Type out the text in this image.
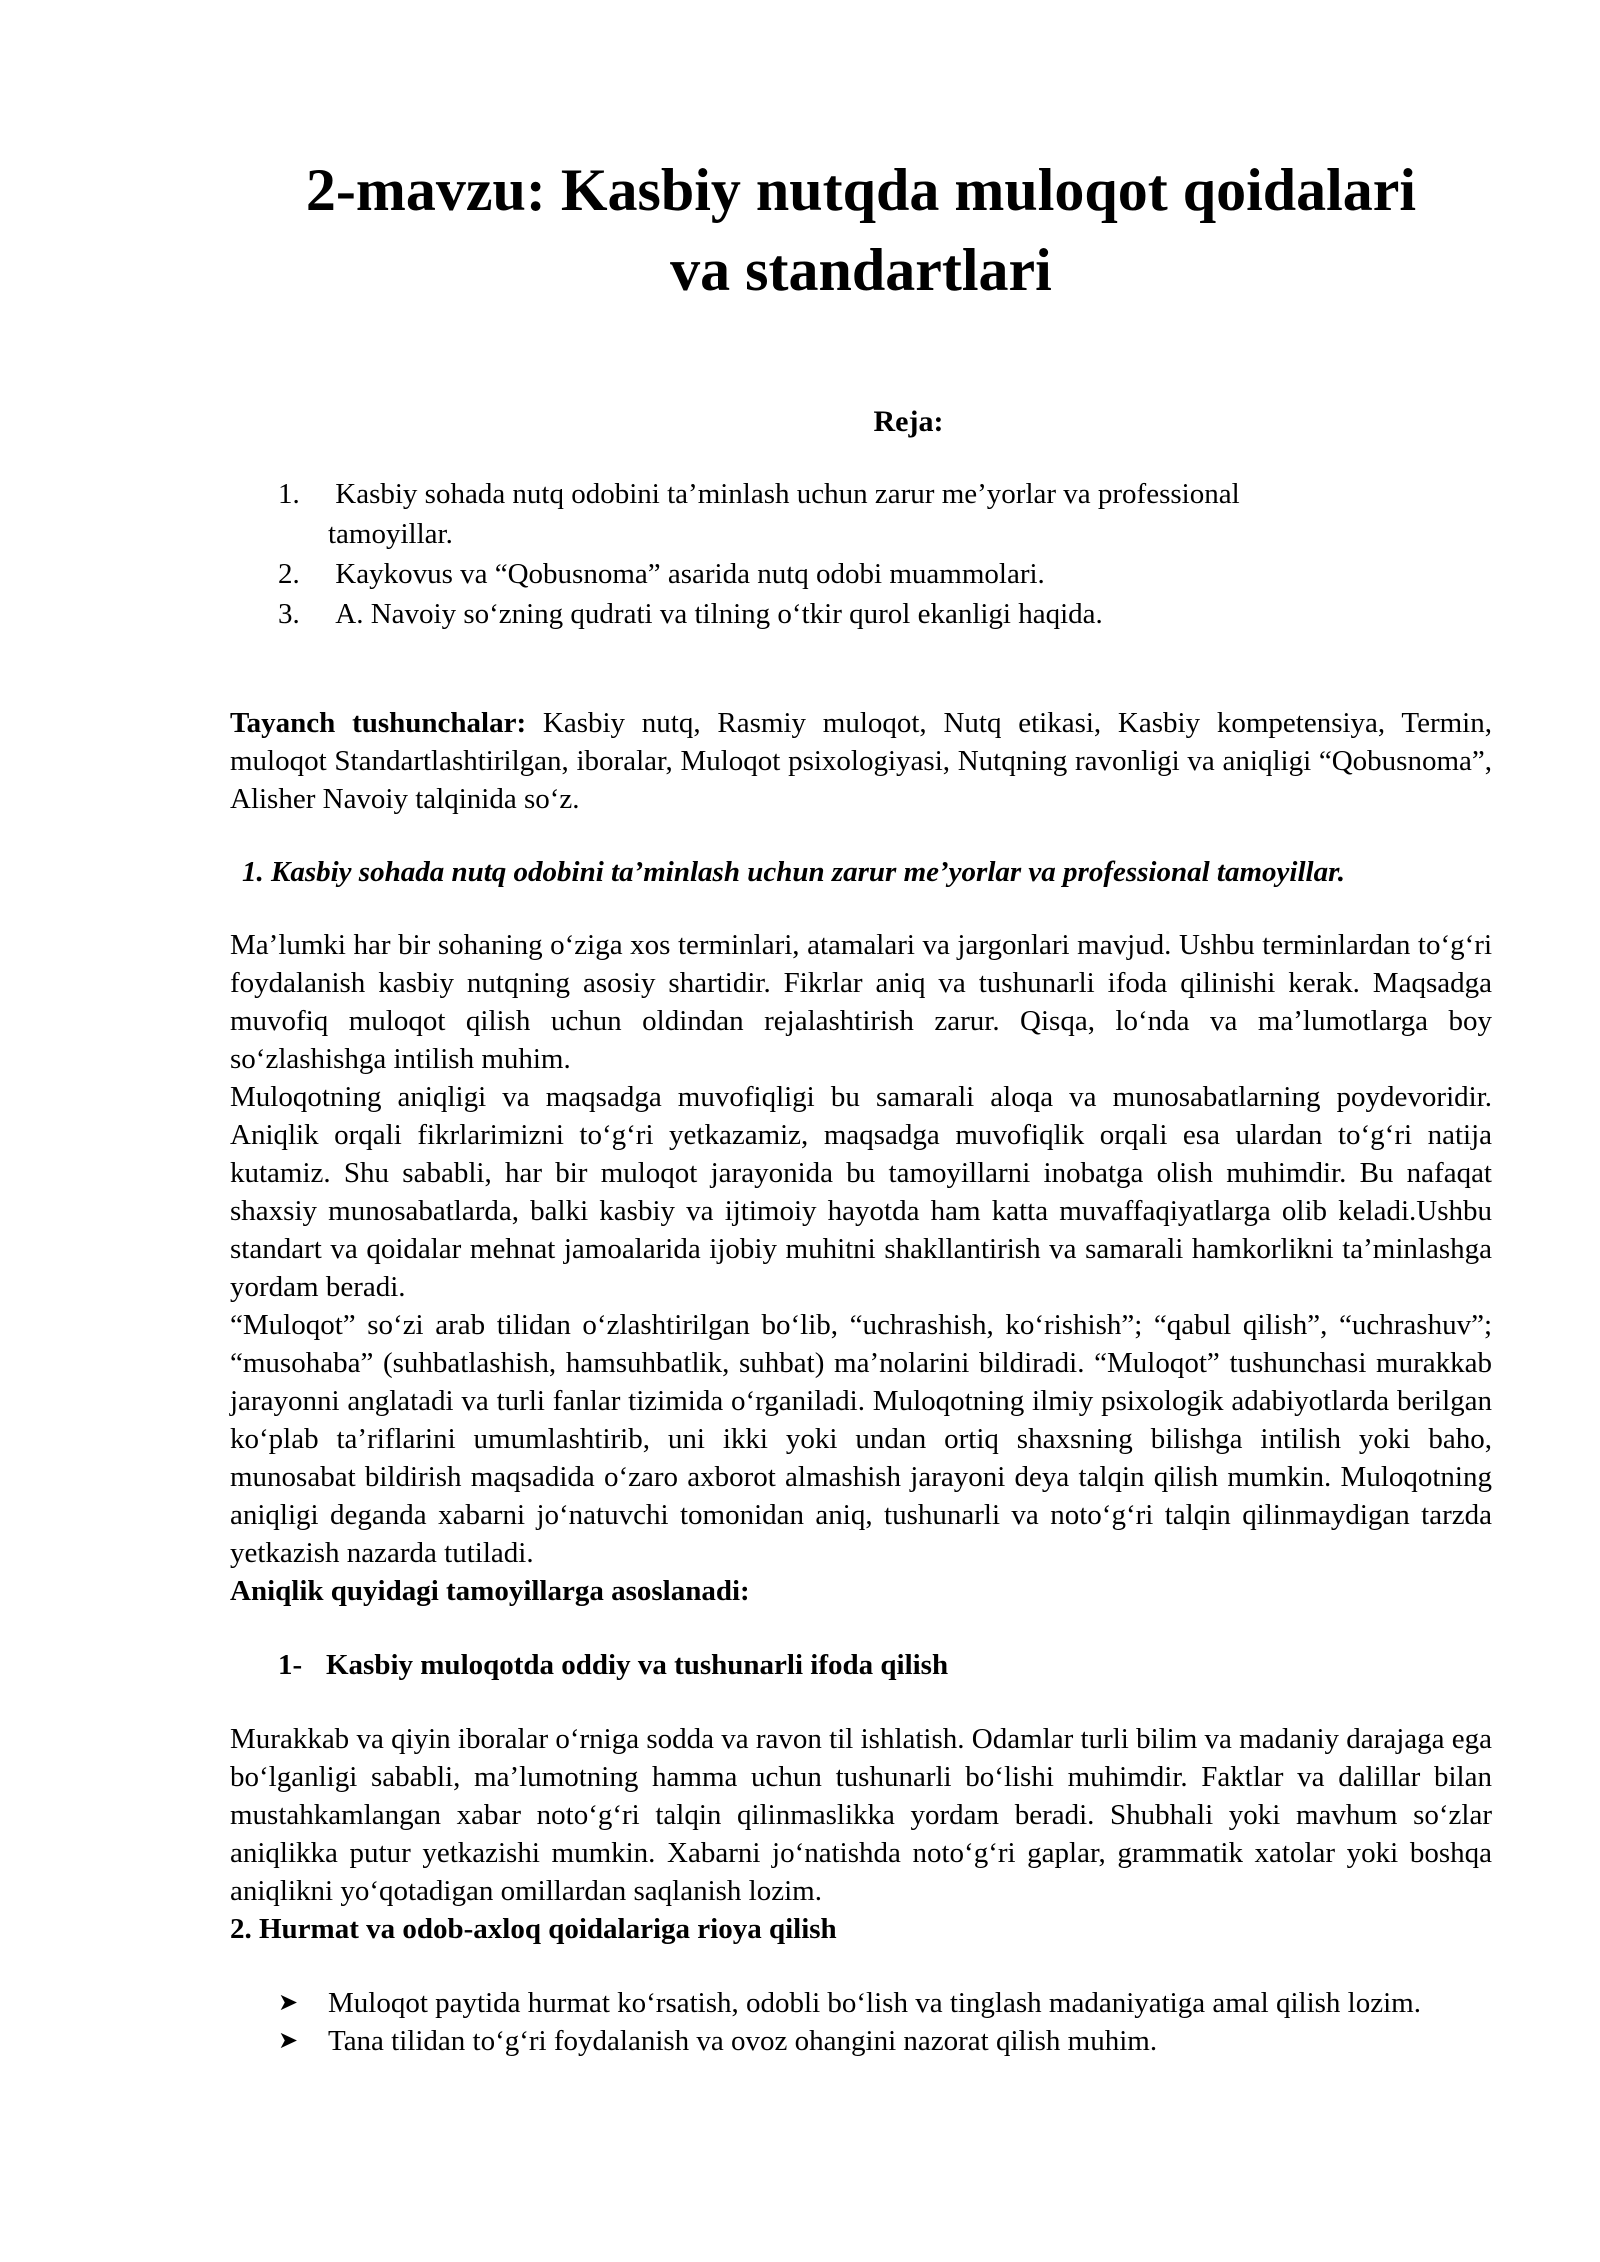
2-mavzu: Kasbiy nutqda muloqot qoidalari
va standartlari
Reja:
1. Kasbiy sohada nutq odobini ta’minlash uchun zarur me’yorlar va professional tamoyillar.
2. Kaykovus va “Qobusnoma” asarida nutq odobi muammolari.
3. A. Navoiy so‘zning qudrati va tilning o‘tkir qurol ekanligi haqida.
Tayanch tushunchalar: Kasbiy nutq, Rasmiy muloqot, Nutq etikasi, Kasbiy kompetensiya, Termin, muloqot Standartlashtirilgan, iboralar, Muloqot psixologiyasi, Nutqning ravonligi va aniqligi “Qobusnoma”, Alisher Navoiy talqinida so‘z.
1. Kasbiy sohada nutq odobini ta’minlash uchun zarur me’yorlar va professional tamoyillar.

Ma’lumki har bir sohaning o‘ziga xos terminlari, atamalari va jargonlari mavjud. Ushbu terminlardan to‘g‘ri foydalanish kasbiy nutqning asosiy shartidir. Fikrlar aniq va tushunarli ifoda qilinishi kerak. Maqsadga muvofiq muloqot qilish uchun oldindan rejalashtirish zarur. Qisqa, lo‘nda va ma’lumotlarga boy so‘zlashishga intilish muhim.

Muloqotning aniqligi va maqsadga muvofiqligi bu samarali aloqa va munosabatlarning poydevoridir. Aniqlik orqali fikrlarimizni to‘g‘ri yetkazamiz, maqsadga muvofiqlik orqali esa ulardan to‘g‘ri natija kutamiz. Shu sababli, har bir muloqot jarayonida bu tamoyillarni inobatga olish muhimdir. Bu nafaqat shaxsiy munosabatlarda, balki kasbiy va ijtimoiy hayotda ham katta muvaffaqiyatlarga olib keladi.Ushbu standart va qoidalar mehnat jamoalarida ijobiy muhitni shakllantirish va samarali hamkorlikni ta’minlashga yordam beradi.

“Muloqot” so‘zi arab tilidan o‘zlashtirilgan bo‘lib, “uchrashish, ko‘rishish”; “qabul qilish”, “uchrashuv”; “musohaba” (suhbatlashish, hamsuhbatlik, suhbat) ma’nolarini bildiradi. “Muloqot” tushunchasi murakkab jarayonni anglatadi va turli fanlar tizimida o‘rganiladi. Muloqotning ilmiy psixologik adabiyotlarda berilgan ko‘plab ta’riflarini umumlashtirib, uni ikki yoki undan ortiq shaxsning bilishga intilish yoki baho, munosabat bildirish maqsadida o‘zaro axborot almashish jarayoni deya talqin qilish mumkin. Muloqotning aniqligi deganda xabarni jo‘natuvchi tomonidan aniq, tushunarli va noto‘g‘ri talqin qilinmaydigan tarzda yetkazish nazarda tutiladi.

Aniqlik quyidagi tamoyillarga asoslanadi:
1- Kasbiy muloqotda oddiy va tushunarli ifoda qilish

Murakkab va qiyin iboralar o‘rniga sodda va ravon til ishlatish. Odamlar turli bilim va madaniy darajaga ega bo‘lganligi sababli, ma’lumotning hamma uchun tushunarli bo‘lishi muhimdir. Faktlar va dalillar bilan mustahkamlangan xabar noto‘g‘ri talqin qilinmaslikka yordam beradi. Shubhali yoki mavhum so‘zlar aniqlikka putur yetkazishi mumkin. Xabarni jo‘natishda noto‘g‘ri gaplar, grammatik xatolar yoki boshqa aniqlikni yo‘qotadigan omillardan saqlanish lozim.

2. Hurmat va odob-axloq qoidalariga rioya qilish
➤ Muloqot paytida hurmat ko‘rsatish, odobli bo‘lish va tinglash madaniyatiga amal qilish lozim.
➤ Tana tilidan to‘g‘ri foydalanish va ovoz ohangini nazorat qilish muhim.
